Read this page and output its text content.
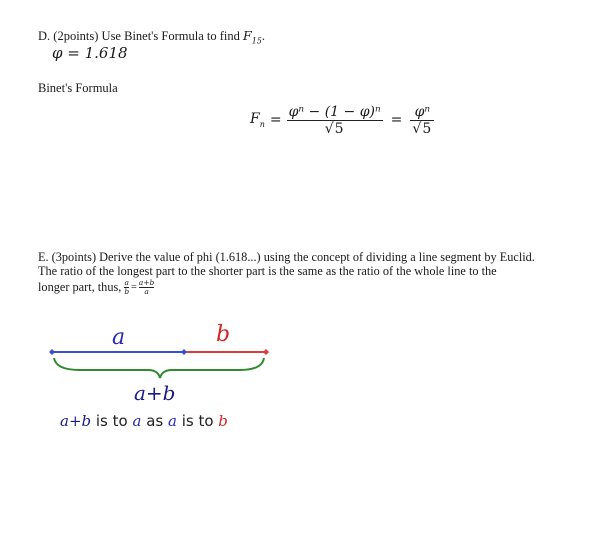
D. (2points) Use Binet's Formula to find $F_{15}$.
φ = 1.618
Binet's Formula
$F_n = \frac{\text{φⁿ − (1 − φ)ⁿ}}{√5} = \frac{\text{φⁿ}}{√5}$
E. (3points) Derive the value of phi (1.618...) using the concept of dividing a line segment by Euclid.
The ratio of the longest part to the shorter part is the same as the ratio of the whole line to the
longer part, thus, $\frac{a}{b} = \frac{a+b}{a}$
a	b
a+b
a+b is to a as a is to b
